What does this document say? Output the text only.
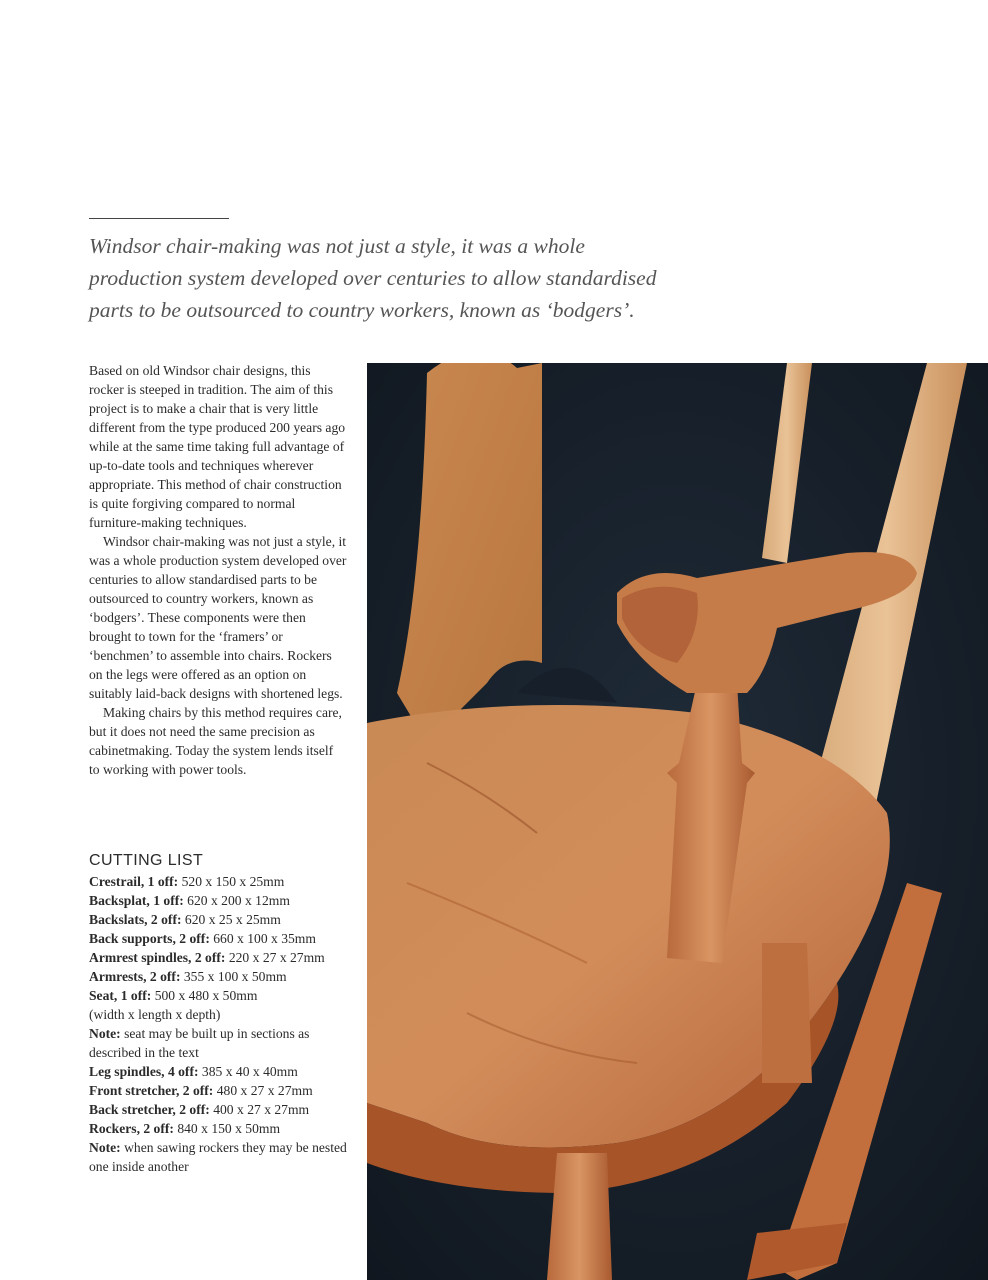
Windsor chair-making was not just a style, it was a whole

production system developed over centuries to allow standardised

parts to be outsourced to country workers, known as ‘bodgers’.

Based on old Windsor chair designs, this rocker is steeped in tradition. The aim of this project is to make a chair that is very little different from the type produced 200 years ago while at the same time taking full advantage of up-to-date tools and techniques wherever appropriate. This method of chair construction is quite forgiving compared to normal furniture-making techniques.

Windsor chair-making was not just a style, it was a whole production system developed over centuries to allow standardised parts to be outsourced to country workers, known as ‘bodgers’. These components were then brought to town for the ‘framers’ or ‘benchmen’ to assemble into chairs. Rockers on the legs were offered as an option on suitably laid-back designs with shortened legs.

Making chairs by this method requires care, but it does not need the same precision as cabinetmaking. Today the system lends itself to working with power tools.

CUTTING LIST
Crestrail, 1 off: 520 x 150 x 25mm
Backsplat, 1 off: 620 x 200 x 12mm
Backslats, 2 off: 620 x 25 x 25mm
Back supports, 2 off: 660 x 100 x 35mm
Armrest spindles, 2 off: 220 x 27 x 27mm
Armrests, 2 off: 355 x 100 x 50mm
Seat, 1 off: 500 x 480 x 50mm
(width x length x depth)
Note: seat may be built up in sections as described in the text
Leg spindles, 4 off: 385 x 40 x 40mm
Front stretcher, 2 off: 480 x 27 x 27mm
Back stretcher, 2 off: 400 x 27 x 27mm
Rockers, 2 off: 840 x 150 x 50mm
Note: when sawing rockers they may be nested one inside another
